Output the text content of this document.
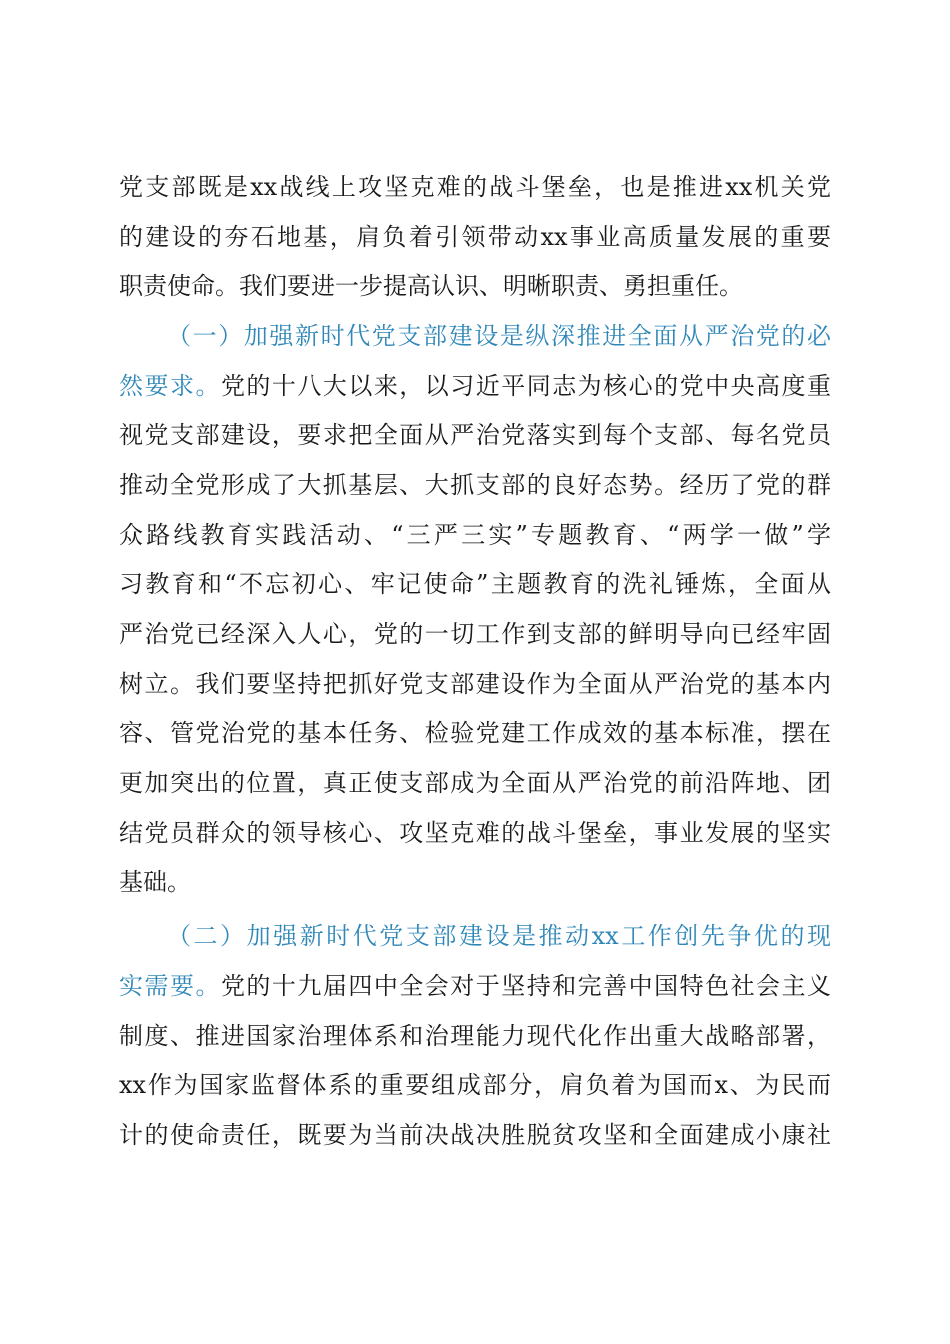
党支部既是xx战线上攻坚克难的战斗堡垒，也是推进xx机关党
的建设的夯石地基，肩负着引领带动xx事业高质量发展的重要
职责使命。我们要进一步提高认识、明晰职责、勇担重任。
（一）加强新时代党支部建设是纵深推进全面从严治党的必
然要求。党的十八大以来，以习近平同志为核心的党中央高度重
视党支部建设，要求把全面从严治党落实到每个支部、每名党员
推动全党形成了大抓基层、大抓支部的良好态势。经历了党的群
众路线教育实践活动、“三严三实”专题教育、“两学一做”学
习教育和“不忘初心、牢记使命”主题教育的洗礼锤炼，全面从
严治党已经深入人心，党的一切工作到支部的鲜明导向已经牢固
树立。我们要坚持把抓好党支部建设作为全面从严治党的基本内
容、管党治党的基本任务、检验党建工作成效的基本标准，摆在
更加突出的位置，真正使支部成为全面从严治党的前沿阵地、团
结党员群众的领导核心、攻坚克难的战斗堡垒，事业发展的坚实
基础。
（二）加强新时代党支部建设是推动xx工作创先争优的现
实需要。党的十九届四中全会对于坚持和完善中国特色社会主义
制度、推进国家治理体系和治理能力现代化作出重大战略部署，
xx作为国家监督体系的重要组成部分，肩负着为国而x、为民而
计的使命责任，既要为当前决战决胜脱贫攻坚和全面建成小康社
